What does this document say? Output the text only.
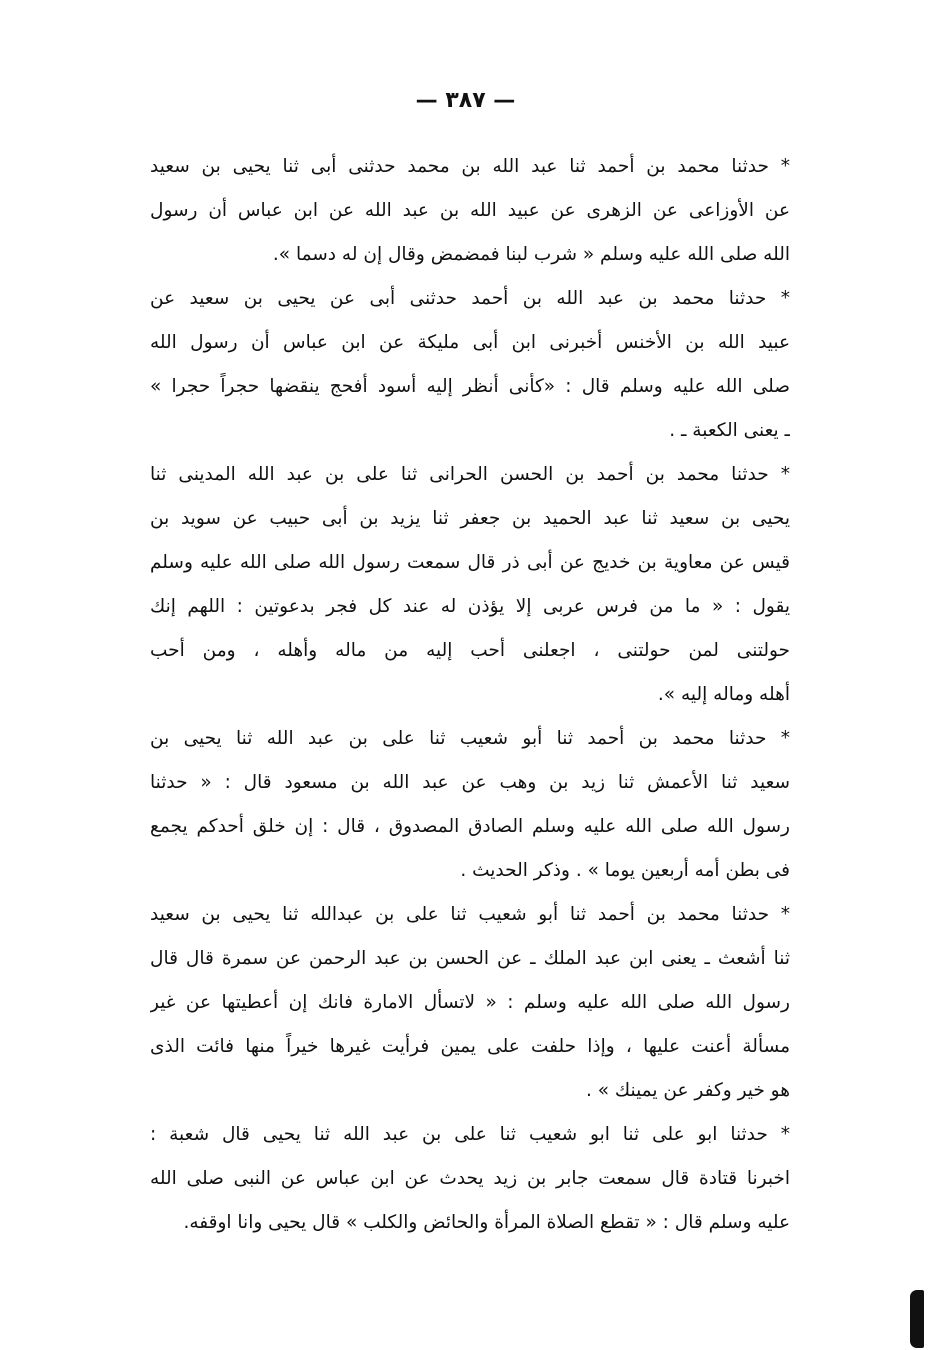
— ٣٨٧ —
* حدثنا محمد بن أحمد ثنا عبد الله بن محمد حدثنى أبى ثنا يحيى بن سعيد
عن الأوزاعى عن الزهرى عن عبيد الله بن عبد الله عن ابن عباس أن رسول
الله صلى الله عليه وسلم « شرب لبنا فمضمض وقال إن له دسما ».
* حدثنا محمد بن عبد الله بن أحمد حدثنى أبى عن يحيى بن سعيد عن
عبيد الله بن الأخنس أخبرنى ابن أبى مليكة عن ابن عباس أن رسول الله
صلى الله عليه وسلم قال : «كأنى أنظر إليه أسود أفحج ينقضها حجراً حجرا »
ـ يعنى الكعبة ـ .
* حدثنا محمد بن أحمد بن الحسن الحرانى ثنا على بن عبد الله المدينى ثنا
يحيى بن سعيد ثنا عبد الحميد بن جعفر ثنا يزيد بن أبى حبيب عن سويد بن
قيس عن معاوية بن خديج عن أبى ذر قال سمعت رسول الله صلى الله عليه وسلم
يقول : « ما من فرس عربى إلا يؤذن له عند كل فجر بدعوتين : اللهم إنك
حولتنى لمن حولتنى ، اجعلنى أحب إليه من ماله وأهله ، ومن أحب
أهله وماله إليه ».
* حدثنا محمد بن أحمد ثنا أبو شعيب ثنا على بن عبد الله ثنا يحيى بن
سعيد ثنا الأعمش ثنا زيد بن وهب عن عبد الله بن مسعود قال : « حدثنا
رسول الله صلى الله عليه وسلم الصادق المصدوق ، قال : إن خلق أحدكم يجمع
فى بطن أمه أربعين يوما » . وذكر الحديث .
* حدثنا محمد بن أحمد ثنا أبو شعيب ثنا على بن عبدالله ثنا يحيى بن سعيد
ثنا أشعث ـ يعنى ابن عبد الملك ـ عن الحسن بن عبد الرحمن عن سمرة قال قال
رسول الله صلى الله عليه وسلم : « لاتسأل الامارة فانك إن أعطيتها عن غير
مسألة أعنت عليها ، وإذا حلفت على يمين فرأيت غيرها خيراً منها فائت الذى
هو خير وكفر عن يمينك » .
* حدثنا ابو على ثنا ابو شعيب ثنا على بن عبد الله ثنا يحيى قال شعبة :
اخبرنا قتادة قال سمعت جابر بن زيد يحدث عن ابن عباس عن النبى صلى الله
عليه وسلم قال : « تقطع الصلاة المرأة والحائض والكلب » قال يحيى وانا اوقفه.
